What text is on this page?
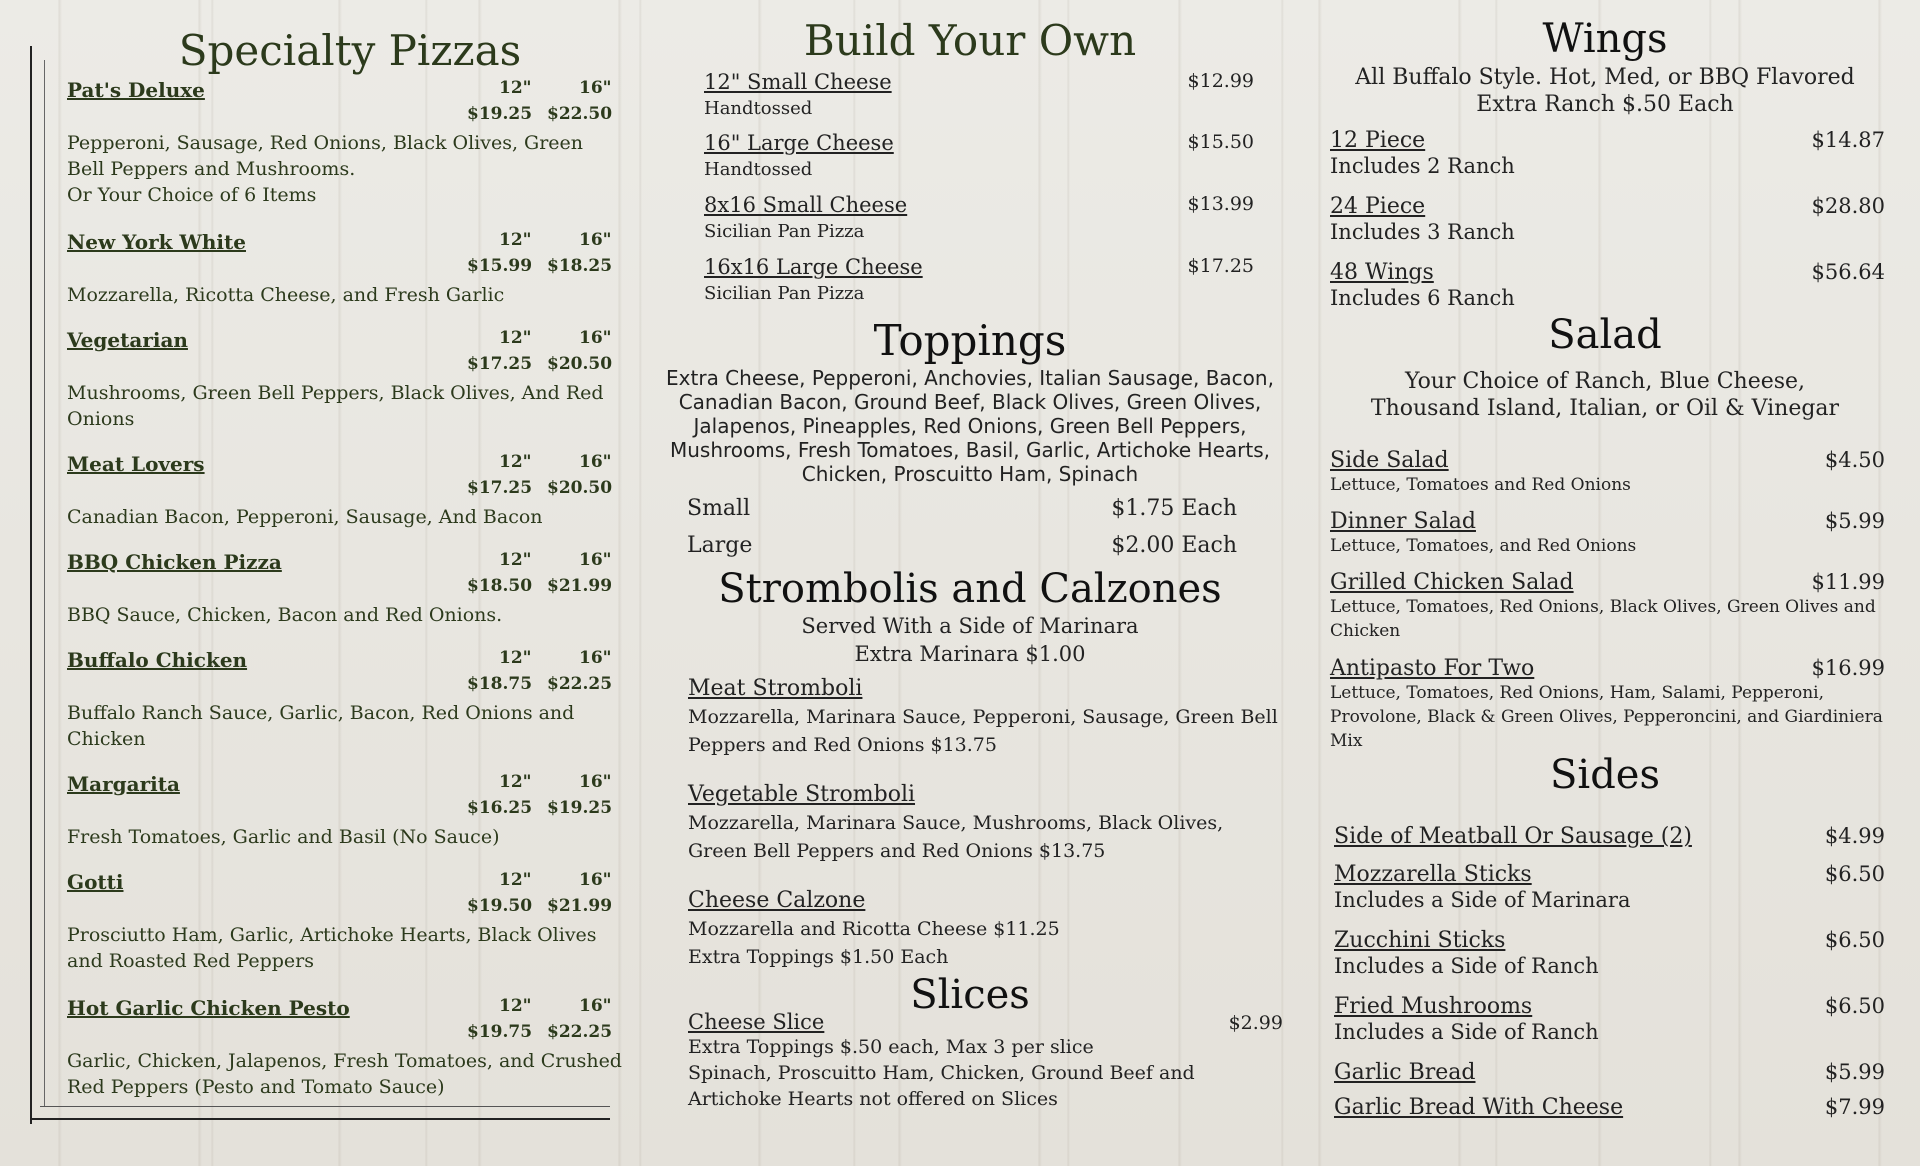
Specialty Pizzas
Pat's Deluxe	12"	16"
$19.25 $22.50
Pepperoni, Sausage, Red Onions, Black Olives, Green Bell Peppers and Mushrooms.
Or Your Choice of 6 Items
New York White	12"	16"
$15.99 $18.25
Mozzarella, Ricotta Cheese, and Fresh Garlic
Vegetarian	12"	16"
$17.25 $20.50
Mushrooms, Green Bell Peppers, Black Olives, And Red Onions
Meat Lovers	12"	16"
$17.25 $20.50
Canadian Bacon, Pepperoni, Sausage, And Bacon
BBQ Chicken Pizza	12"	16"
$18.50 $21.99
BBQ Sauce, Chicken, Bacon and Red Onions.
Buffalo Chicken	12"	16"
$18.75 $22.25
Buffalo Ranch Sauce, Garlic, Bacon, Red Onions and Chicken
Margarita	12"	16"
$16.25 $19.25
Fresh Tomatoes, Garlic and Basil (No Sauce)
Gotti	12"	16"
$19.50 $21.99
Prosciutto Ham, Garlic, Artichoke Hearts, Black Olives and Roasted Red Peppers
Hot Garlic Chicken Pesto	12"	16"
$19.75 $22.25
Garlic, Chicken, Jalapenos, Fresh Tomatoes, and Crushed Red Peppers (Pesto and Tomato Sauce)
Build Your Own
12" Small Cheese	$12.99
Handtossed
16" Large Cheese	$15.50
Handtossed
8x16 Small Cheese	$13.99
Sicilian Pan Pizza
16x16 Large Cheese	$17.25
Sicilian Pan Pizza
Toppings
Extra Cheese, Pepperoni, Anchovies, Italian Sausage, Bacon, Canadian Bacon, Ground Beef, Black Olives, Green Olives, Jalapenos, Pineapples, Red Onions, Green Bell Peppers, Mushrooms, Fresh Tomatoes, Basil, Garlic, Artichoke Hearts, Chicken, Proscuitto Ham, Spinach
Small	$1.75 Each
Large	$2.00 Each
Strombolis and Calzones
Served With a Side of Marinara
Extra Marinara $1.00
Meat Stromboli
Mozzarella, Marinara Sauce, Pepperoni, Sausage, Green Bell Peppers and Red Onions $13.75
Vegetable Stromboli
Mozzarella, Marinara Sauce, Mushrooms, Black Olives, Green Bell Peppers and Red Onions $13.75
Cheese Calzone
Mozzarella and Ricotta Cheese $11.25
Extra Toppings $1.50 Each
Slices
Cheese Slice	$2.99
Extra Toppings $.50 each, Max 3 per slice
Spinach, Proscuitto Ham, Chicken, Ground Beef and Artichoke Hearts not offered on Slices
Wings
All Buffalo Style. Hot, Med, or BBQ Flavored
Extra Ranch $.50 Each
12 Piece	$14.87
Includes 2 Ranch
24 Piece	$28.80
Includes 3 Ranch
48 Wings	$56.64
Includes 6 Ranch
Salad
Your Choice of Ranch, Blue Cheese, Thousand Island, Italian, or Oil & Vinegar
Side Salad	$4.50
Lettuce, Tomatoes and Red Onions
Dinner Salad	$5.99
Lettuce, Tomatoes, and Red Onions
Grilled Chicken Salad	$11.99
Lettuce, Tomatoes, Red Onions, Black Olives, Green Olives and Chicken
Antipasto For Two	$16.99
Lettuce, Tomatoes, Red Onions, Ham, Salami, Pepperoni, Provolone, Black & Green Olives, Pepperoncini, and Giardiniera Mix
Sides
Side of Meatball Or Sausage (2)	$4.99
Mozzarella Sticks	$6.50
Includes a Side of Marinara
Zucchini Sticks	$6.50
Includes a Side of Ranch
Fried Mushrooms	$6.50
Includes a Side of Ranch
Garlic Bread	$5.99
Garlic Bread With Cheese	$7.99
